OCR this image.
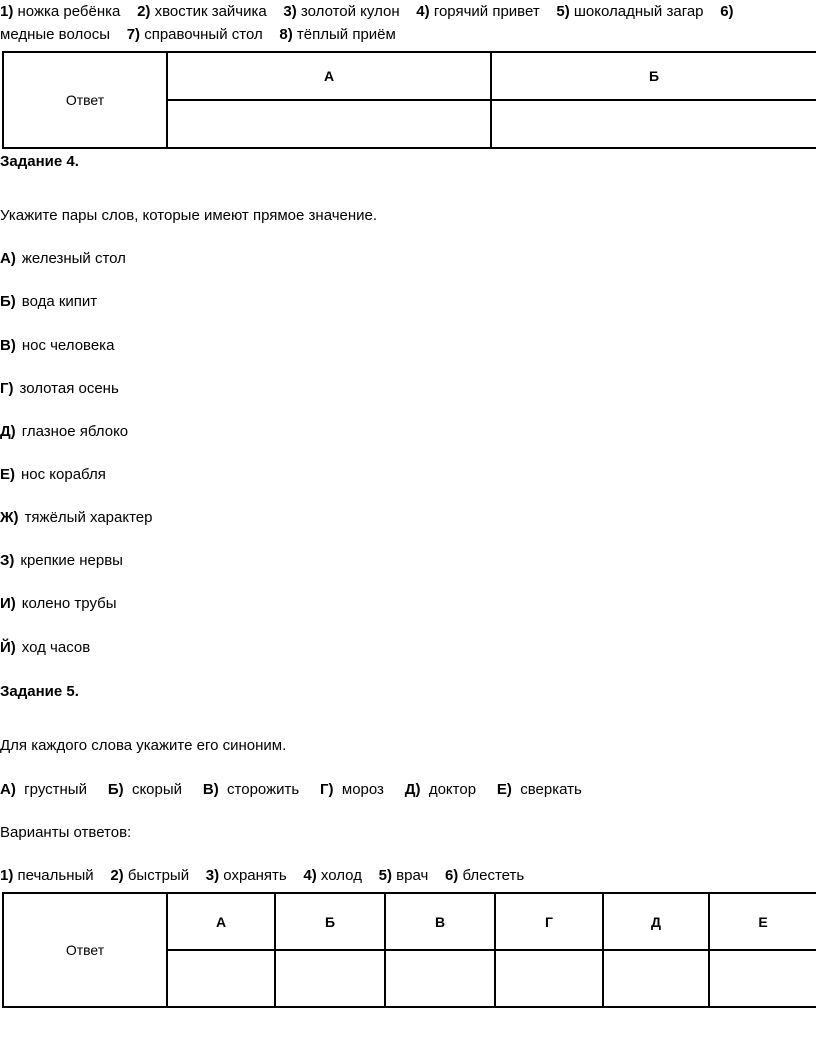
1) ножка ребёнка 2) хвостик зайчика 3) золотой кулон 4) горячий привет 5) шоколадный загар 6)
медные волосы 7) справочный стол 8) тёплый приём
Ответ	А	Б

Задание 4.
Укажите пары слов, которые имеют прямое значение.
А) железный стол
Б) вода кипит
В) нос человека
Г) золотая осень
Д) глазное яблоко
Е) нос корабля
Ж) тяжёлый характер
З) крепкие нервы
И) колено трубы
Й) ход часов
Задание 5.
Для каждого слова укажите его синоним.
А) грустный Б) скорый В) сторожить Г) мороз Д) доктор Е) сверкать
Варианты ответов:
1) печальный 2) быстрый 3) охранять 4) холод 5) врач 6) блестеть
Ответ	А	Б	В	Г	Д	Е
